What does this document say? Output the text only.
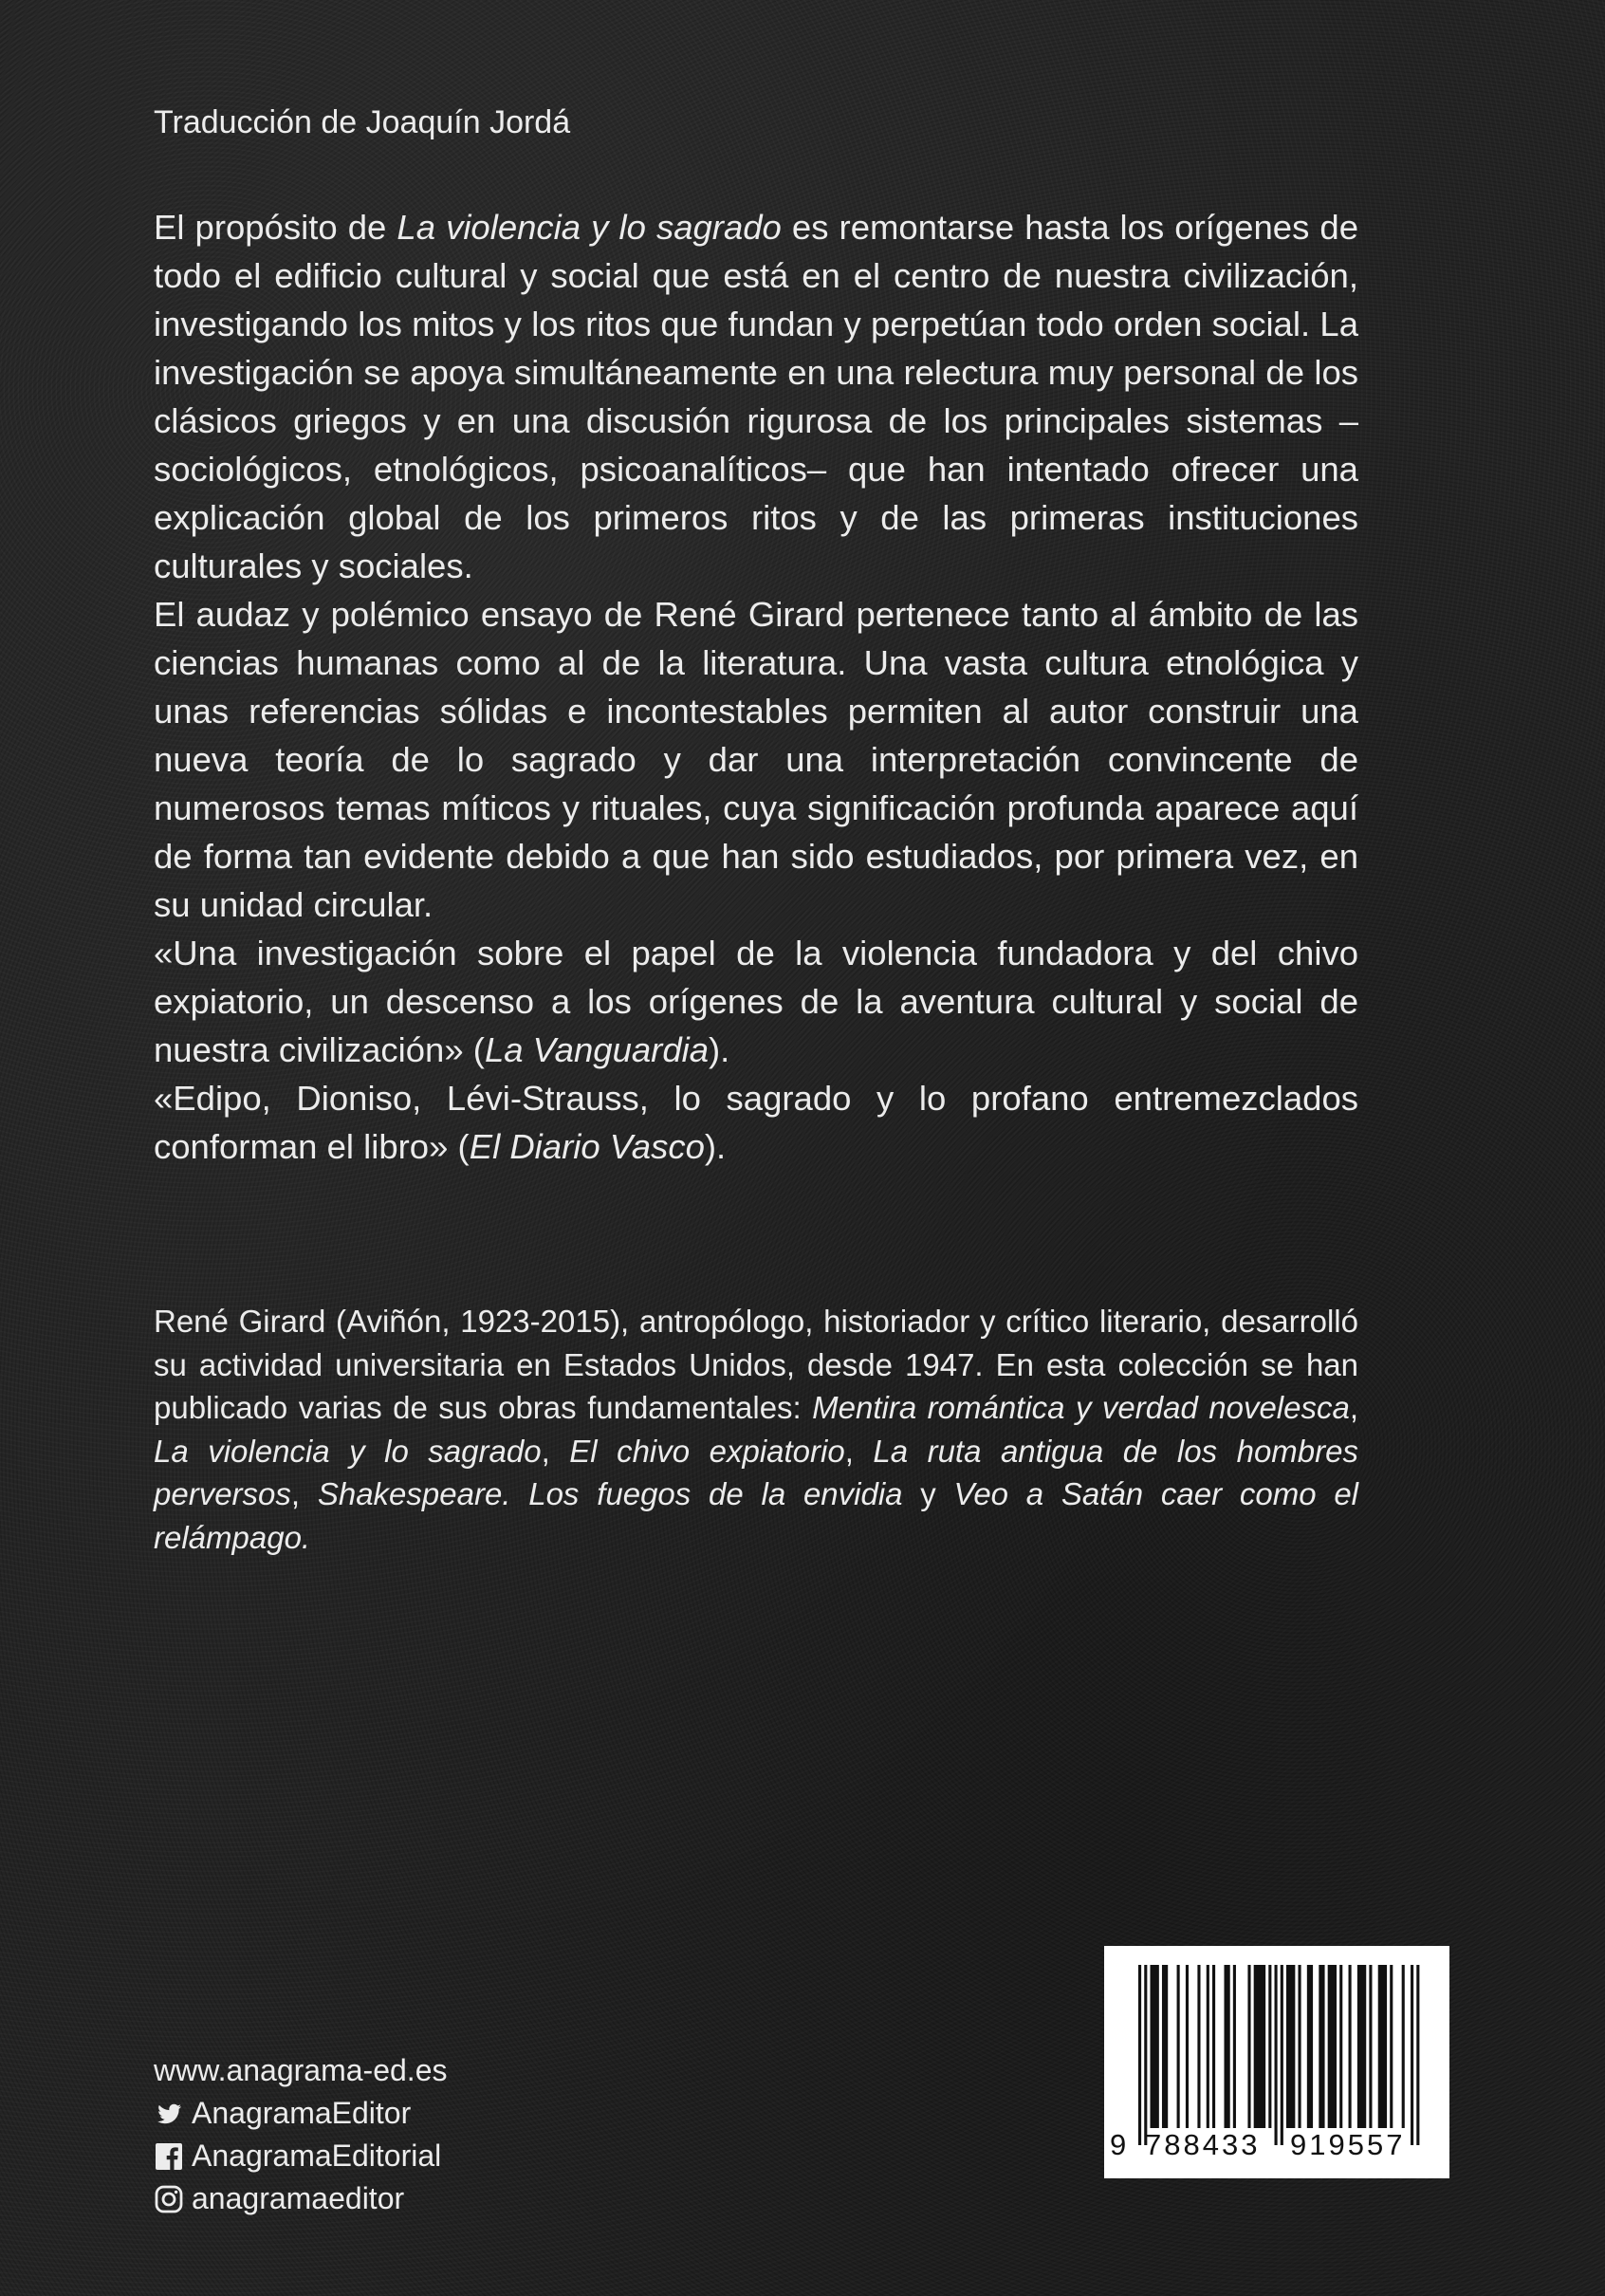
Traducción de Joaquín Jordá

El propósito de La violencia y lo sagrado es remontarse hasta los orígenes de todo el edificio cultural y social que está en el centro de nuestra civilización, investigando los mitos y los ritos que fundan y perpetúan todo orden social. La investigación se apoya simultáneamente en una relectura muy personal de los clásicos griegos y en una discusión rigurosa de los principales sistemas –sociológicos, etnológicos, psicoanalíticos– que han intentado ofrecer una explicación global de los primeros ritos y de las primeras instituciones culturales y sociales.

El audaz y polémico ensayo de René Girard pertenece tanto al ámbito de las ciencias humanas como al de la literatura. Una vasta cultura etnológica y unas referencias sólidas e incontestables permiten al autor construir una nueva teoría de lo sagrado y dar una interpretación convincente de numerosos temas míticos y rituales, cuya significación profunda aparece aquí de forma tan evidente debido a que han sido estudiados, por primera vez, en su unidad circular.

«Una investigación sobre el papel de la violencia fundadora y del chivo expiatorio, un descenso a los orígenes de la aventura cultural y social de nuestra civilización» (La Vanguardia).

«Edipo, Dioniso, Lévi-Strauss, lo sagrado y lo profano entremezclados conforman el libro» (El Diario Vasco).

René Girard (Aviñón, 1923-2015), antropólogo, historiador y crítico literario, desarrolló su actividad universitaria en Estados Unidos, desde 1947. En esta colección se han publicado varias de sus obras fundamentales: Mentira romántica y verdad novelesca, La violencia y lo sagrado, El chivo expiatorio, La ruta antigua de los hombres perversos, Shakespeare. Los fuegos de la envidia y Veo a Satán caer como el relámpago.

www.anagrama-ed.es
AnagramaEditor
AnagramaEditorial
anagramaeditor
9 788433 919557
